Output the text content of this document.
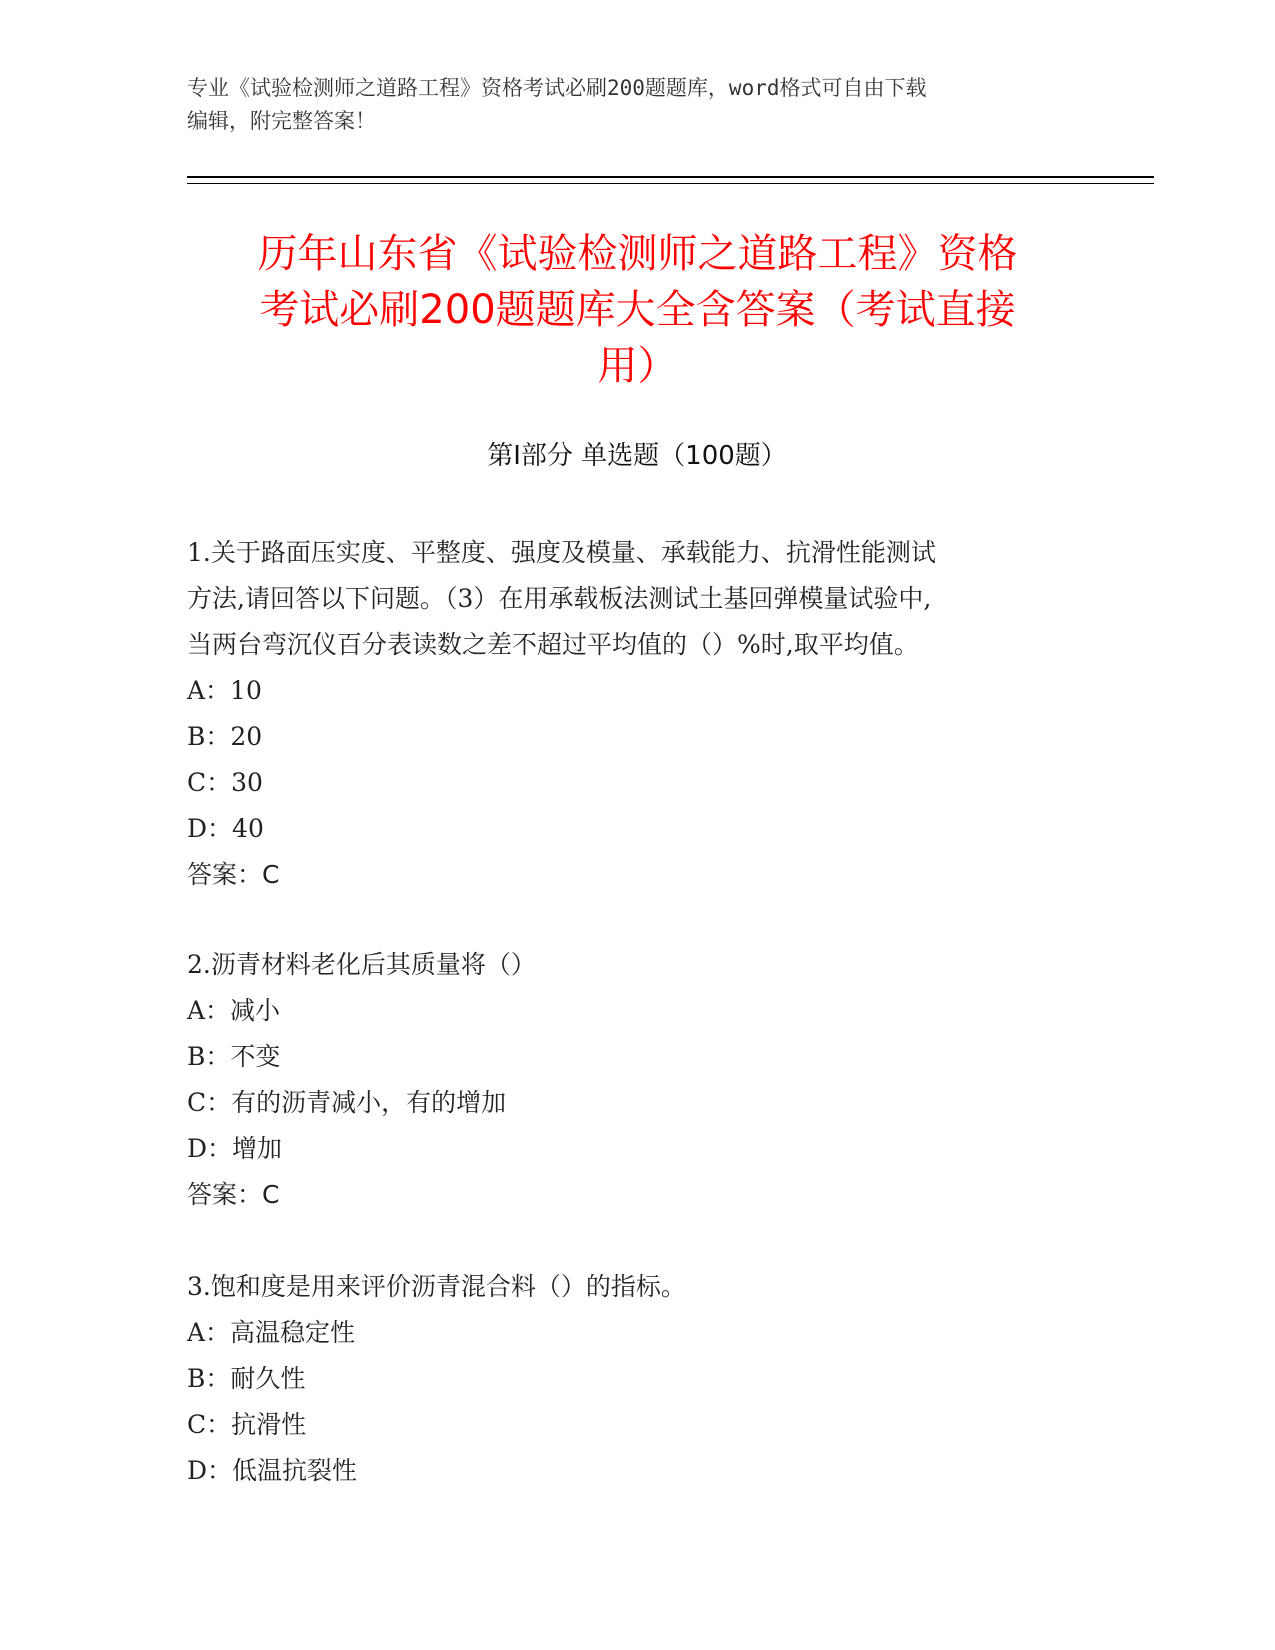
专业《试验检测师之道路工程》资格考试必刷200题题库，word格式可自由下载
编辑，附完整答案！
历年山东省《试验检测师之道路工程》资格
考试必刷200题题库大全含答案（考试直接
用）
第Ⅰ部分 单选题（100题）
1.关于路面压实度、平整度、强度及模量、承载能力、抗滑性能测试
方法,请回答以下问题。（3）在用承载板法测试土基回弹模量试验中,
当两台弯沉仪百分表读数之差不超过平均值的（）%时,取平均值。
A：10
B：20
C：30
D：40
答案：C
2.沥青材料老化后其质量将（）
A：减小
B：不变
C：有的沥青减小，有的增加
D：增加
答案：C
3.饱和度是用来评价沥青混合料（）的指标。
A：高温稳定性
B：耐久性
C：抗滑性
D：低温抗裂性
